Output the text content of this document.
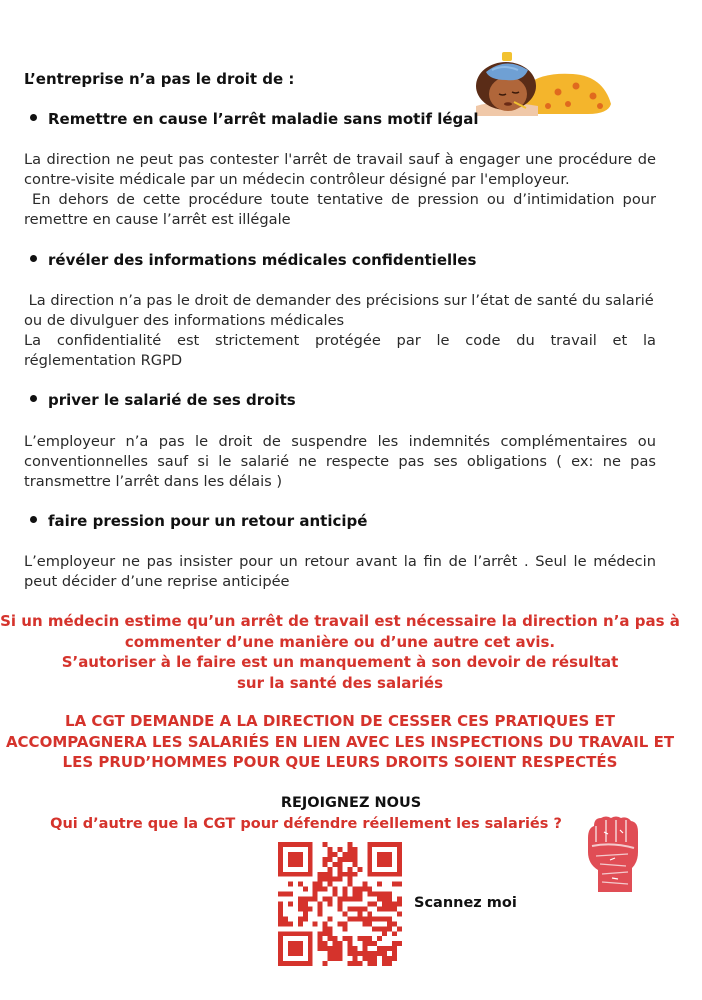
L’entreprise n’a pas le droit de :
Remettre en cause l’arrêt maladie sans motif légal
La direction ne peut pas contester l'arrêt de travail sauf à engager une procédure de
contre-visite médicale par un médecin contrôleur désigné par l'employeur.
En dehors de cette procédure toute tentative de pression ou d’intimidation pour
remettre en cause l’arrêt est illégale
révéler des informations médicales confidentielles
La direction n’a pas le droit de demander des précisions sur l’état de santé du salarié
ou de divulguer des informations médicales
La confidentialité est strictement protégée par le code du travail et la
réglementation RGPD
priver le salarié de ses droits
L’employeur n’a pas le droit de suspendre les indemnités complémentaires ou
conventionnelles sauf si le salarié ne respecte pas ses obligations ( ex: ne pas
transmettre l’arrêt dans les délais )
faire pression pour un retour anticipé
L’employeur ne pas insister pour un retour avant la fin de l’arrêt . Seul le médecin
peut décider d’une reprise anticipée
Si un médecin estime qu’un arrêt de travail est nécessaire la direction n’a pas à
commenter d’une manière ou d’une autre cet avis.
S’autoriser à le faire est un manquement à son devoir de résultat
sur la santé des salariés
LA CGT DEMANDE A LA DIRECTION DE CESSER CES PRATIQUES ET
ACCOMPAGNERA LES SALARIÉS EN LIEN AVEC LES INSPECTIONS DU TRAVAIL ET
LES PRUD’HOMMES POUR QUE LEURS DROITS SOIENT RESPECTÉS
REJOIGNEZ NOUS
Qui d’autre que la CGT pour défendre réellement les salariés ?
Scannez moi
